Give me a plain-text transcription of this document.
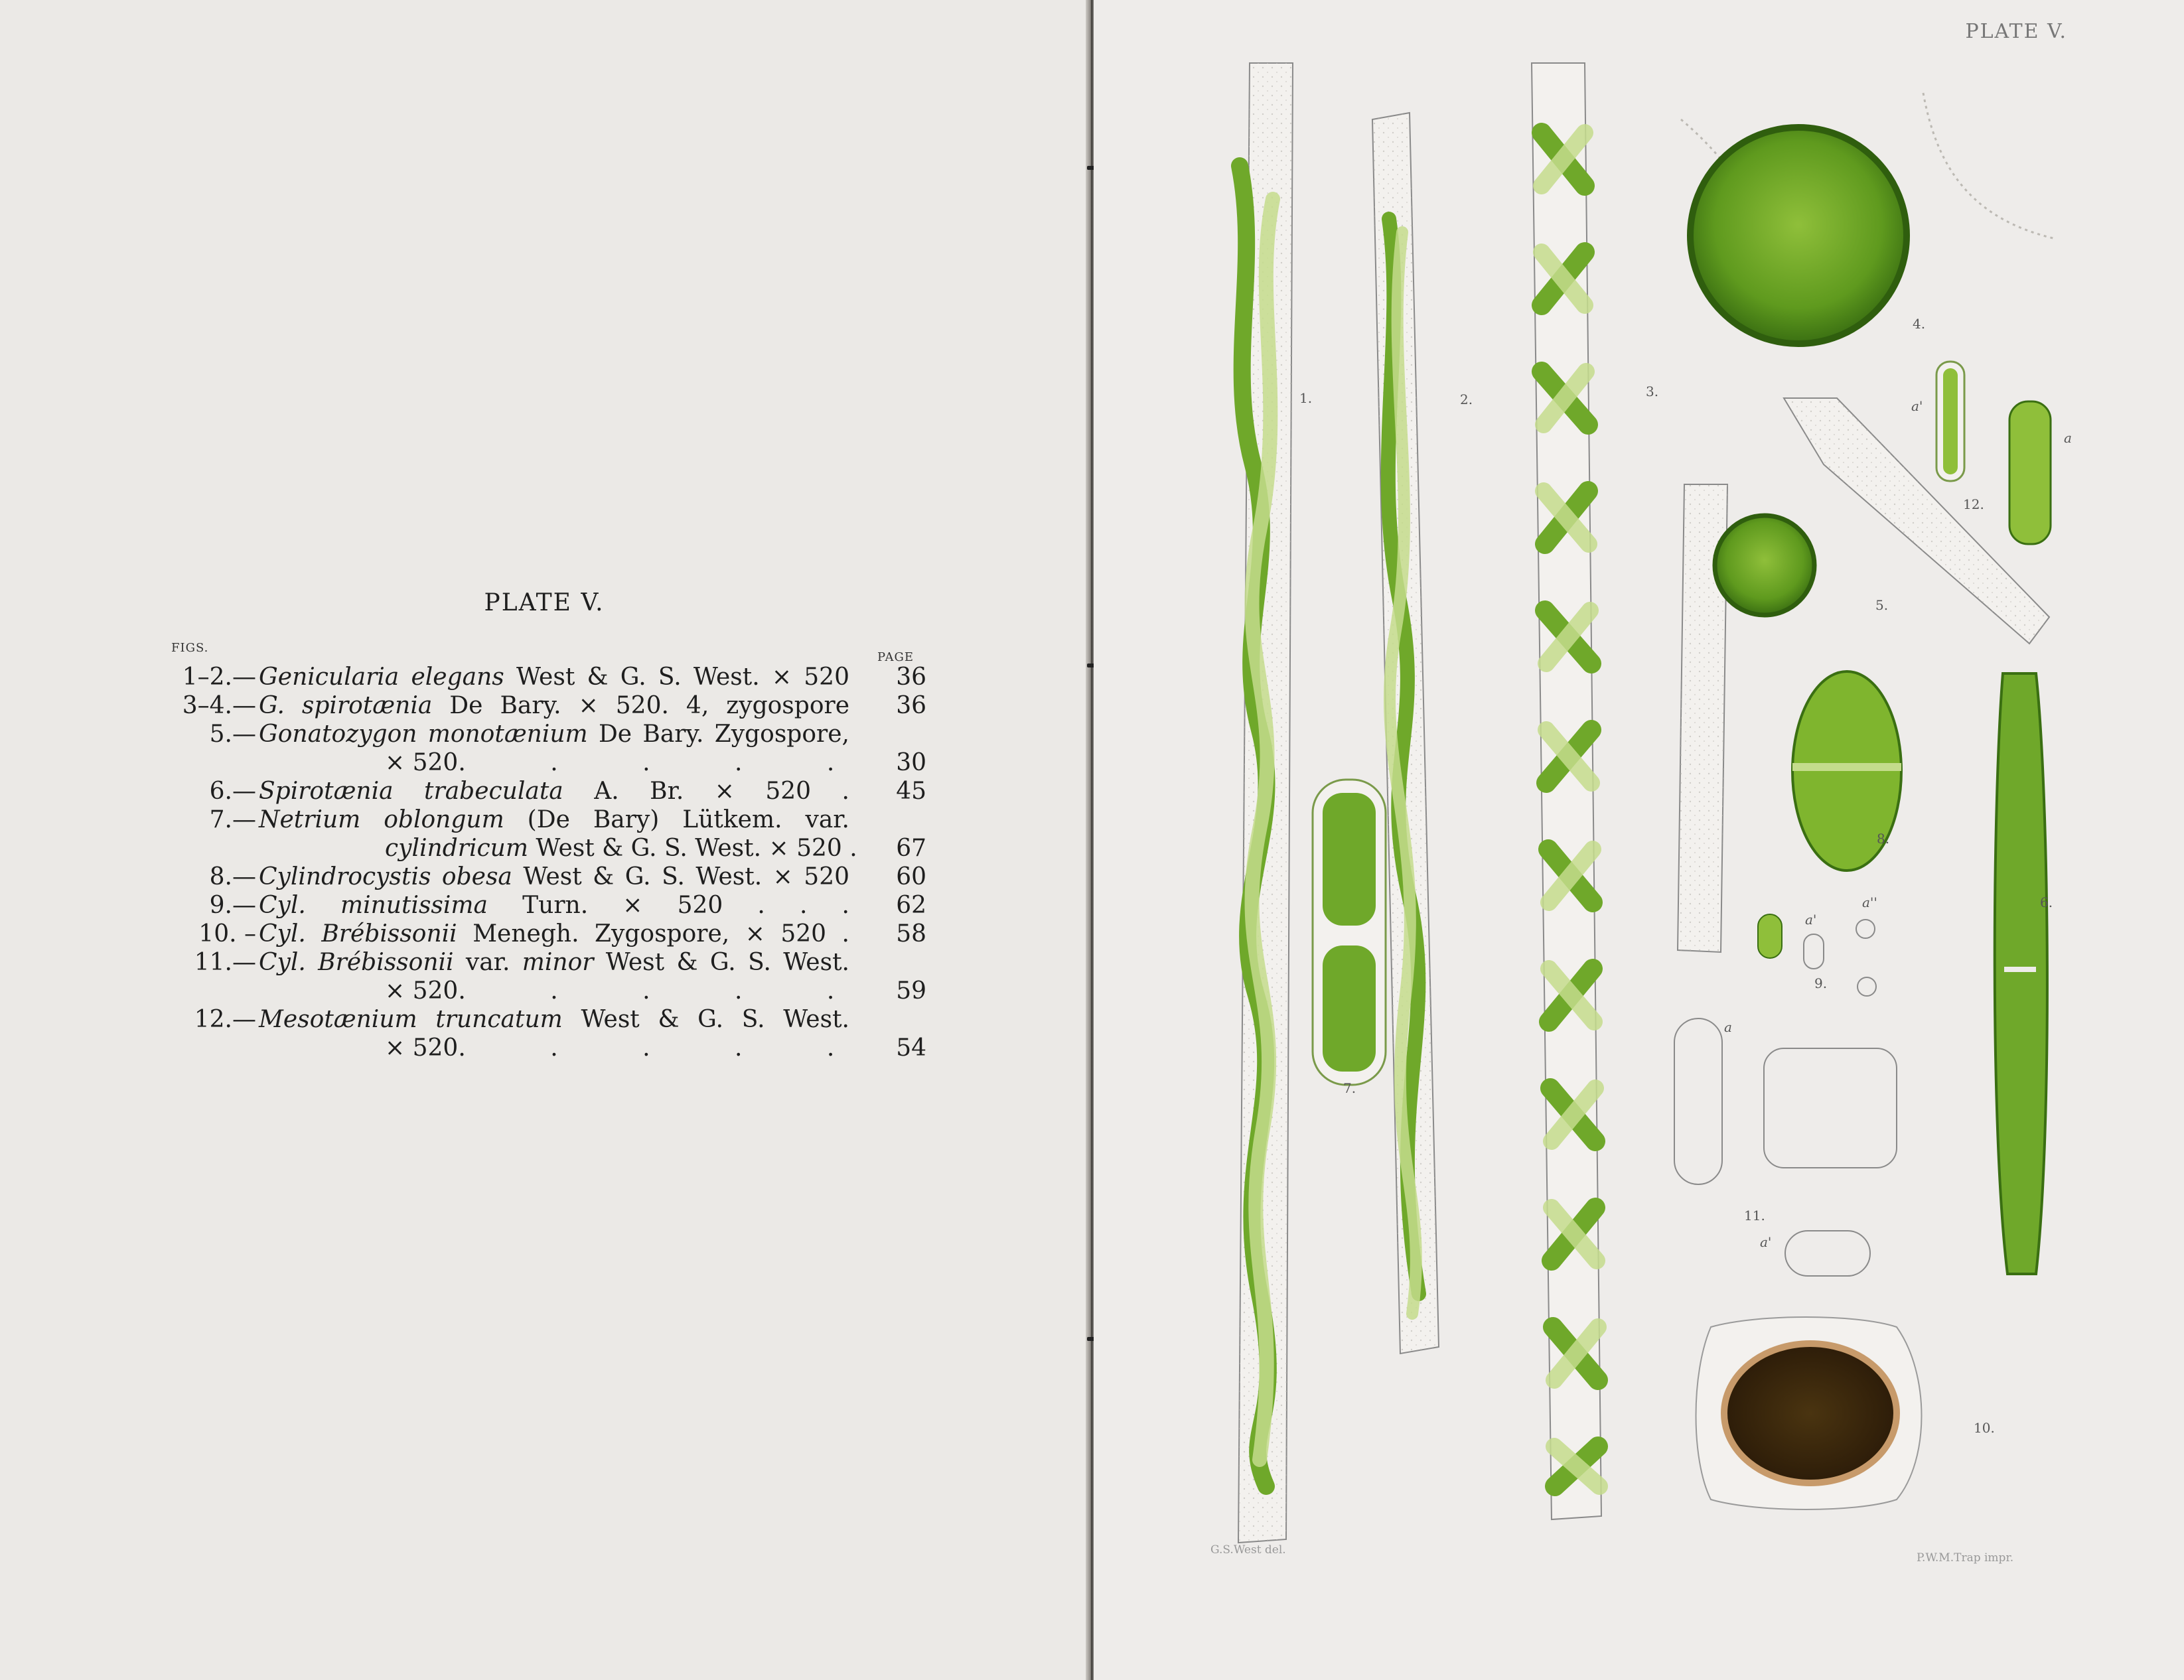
PLATE V.
FIGS.
PAGE
1–2.— Genicularia elegans West & G. S. West. × 520	36
3–4.— G. spirotænia De Bary. × 520. 4, zygospore	36
5.— Gonatozygon monotænium De Bary. Zygospore,
× 520. . . . . 30
6.— Spirotænia trabeculata A. Br. × 520 .	45
7.— Netrium oblongum (De Bary) Lütkem. var.
cylindricum West & G. S. West. × 520 .	67
8.— Cylindrocystis obesa West & G. S. West. × 520	60
9.— Cyl. minutissima Turn. × 520 . . .	62
10. – Cyl. Brébissonii Menegh. Zygospore, × 520 .	58
11.— Cyl. Brébissonii var. minor West & G. S. West.
× 520. . . . . 59
12.— Mesotænium truncatum West & G. S. West.
× 520. . . . . 54
PLATE V.
1.	2.	3.
4.
5.
6.
7.
8.
9.
10.
11.
12.
a'
a
a'
a''
a
a'
G.S.West del.
P.W.M.Trap impr.
